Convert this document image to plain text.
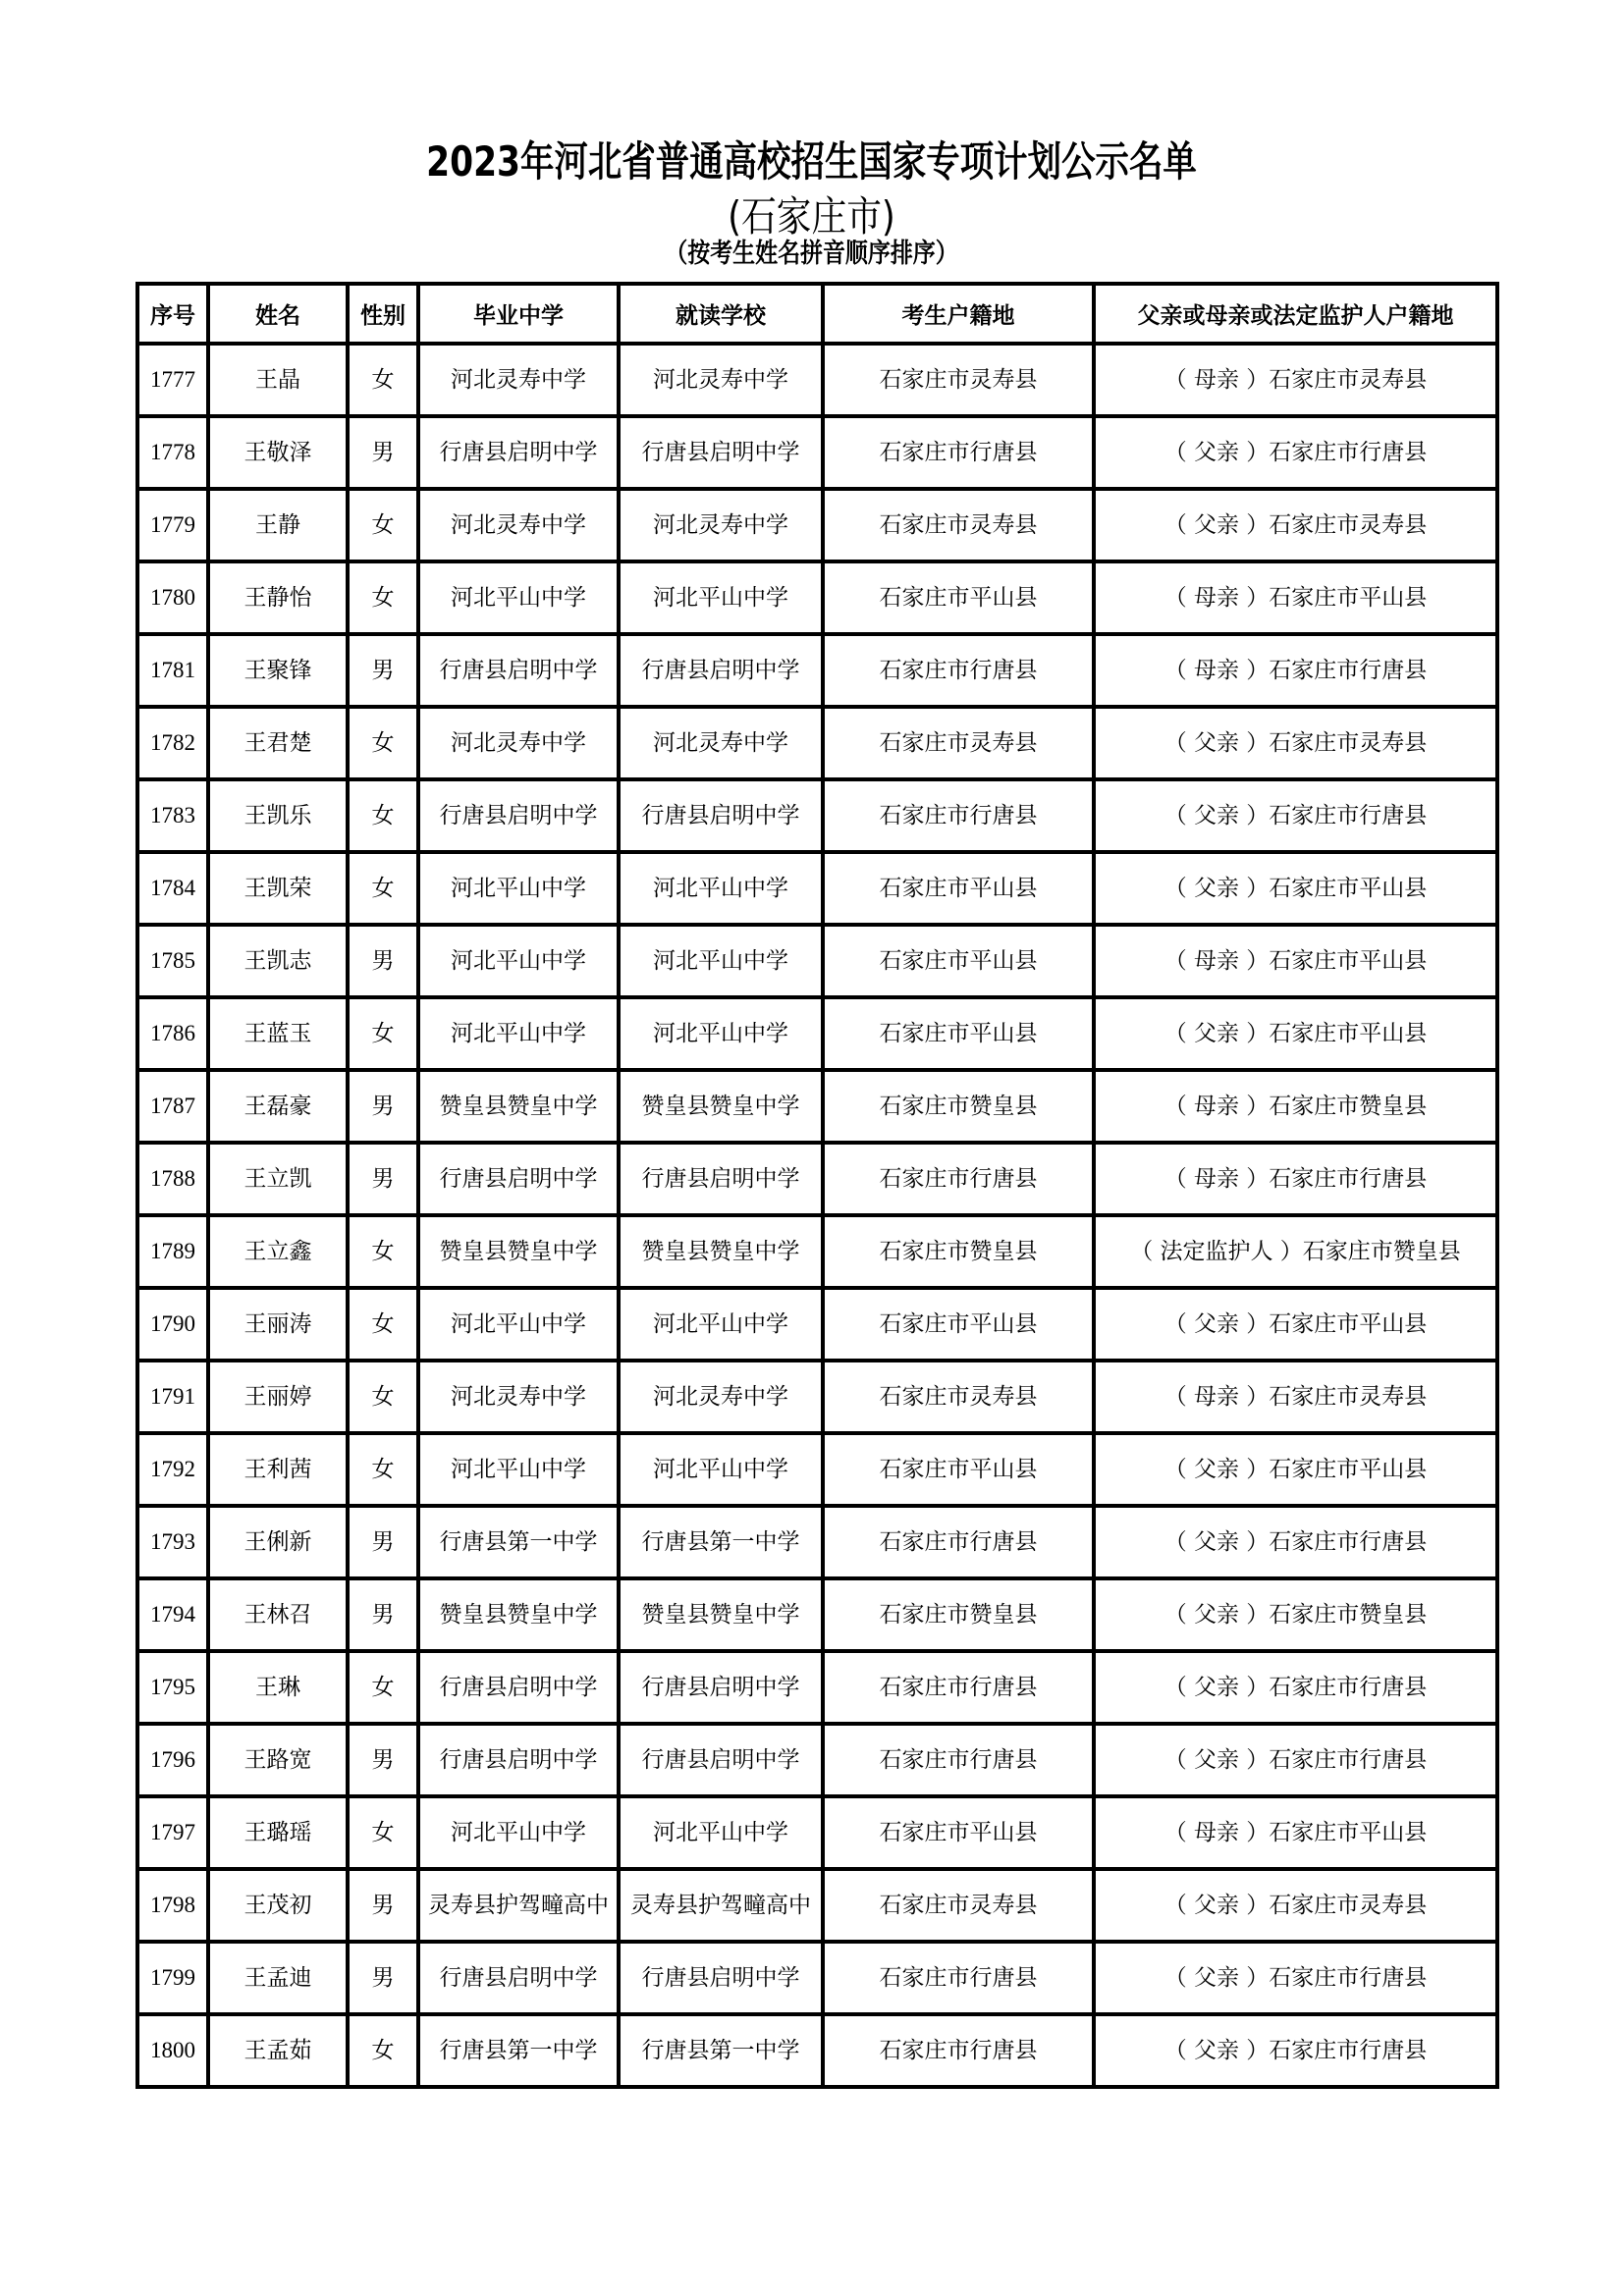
2023年河北省普通高校招生国家专项计划公示名单
(石家庄市)
（按考生姓名拼音顺序排序）
序号	姓名	性别	毕业中学	就读学校	考生户籍地	父亲或母亲或法定监护人户籍地
1777	王晶	女	河北灵寿中学	河北灵寿中学	石家庄市灵寿县	（ 母亲 ）石家庄市灵寿县
1778	王敬泽	男	行唐县启明中学	行唐县启明中学	石家庄市行唐县	（ 父亲 ）石家庄市行唐县
1779	王静	女	河北灵寿中学	河北灵寿中学	石家庄市灵寿县	（ 父亲 ）石家庄市灵寿县
1780	王静怡	女	河北平山中学	河北平山中学	石家庄市平山县	（ 母亲 ）石家庄市平山县
1781	王聚锋	男	行唐县启明中学	行唐县启明中学	石家庄市行唐县	（ 母亲 ）石家庄市行唐县
1782	王君楚	女	河北灵寿中学	河北灵寿中学	石家庄市灵寿县	（ 父亲 ）石家庄市灵寿县
1783	王凯乐	女	行唐县启明中学	行唐县启明中学	石家庄市行唐县	（ 父亲 ）石家庄市行唐县
1784	王凯荣	女	河北平山中学	河北平山中学	石家庄市平山县	（ 父亲 ）石家庄市平山县
1785	王凯志	男	河北平山中学	河北平山中学	石家庄市平山县	（ 母亲 ）石家庄市平山县
1786	王蓝玉	女	河北平山中学	河北平山中学	石家庄市平山县	（ 父亲 ）石家庄市平山县
1787	王磊豪	男	赞皇县赞皇中学	赞皇县赞皇中学	石家庄市赞皇县	（ 母亲 ）石家庄市赞皇县
1788	王立凯	男	行唐县启明中学	行唐县启明中学	石家庄市行唐县	（ 母亲 ）石家庄市行唐县
1789	王立鑫	女	赞皇县赞皇中学	赞皇县赞皇中学	石家庄市赞皇县	（ 法定监护人 ）石家庄市赞皇县
1790	王丽涛	女	河北平山中学	河北平山中学	石家庄市平山县	（ 父亲 ）石家庄市平山县
1791	王丽婷	女	河北灵寿中学	河北灵寿中学	石家庄市灵寿县	（ 母亲 ）石家庄市灵寿县
1792	王利茜	女	河北平山中学	河北平山中学	石家庄市平山县	（ 父亲 ）石家庄市平山县
1793	王俐新	男	行唐县第一中学	行唐县第一中学	石家庄市行唐县	（ 父亲 ）石家庄市行唐县
1794	王林召	男	赞皇县赞皇中学	赞皇县赞皇中学	石家庄市赞皇县	（ 父亲 ）石家庄市赞皇县
1795	王琳	女	行唐县启明中学	行唐县启明中学	石家庄市行唐县	（ 父亲 ）石家庄市行唐县
1796	王路宽	男	行唐县启明中学	行唐县启明中学	石家庄市行唐县	（ 父亲 ）石家庄市行唐县
1797	王璐瑶	女	河北平山中学	河北平山中学	石家庄市平山县	（ 母亲 ）石家庄市平山县
1798	王茂初	男	灵寿县护驾疃高中	灵寿县护驾疃高中	石家庄市灵寿县	（ 父亲 ）石家庄市灵寿县
1799	王孟迪	男	行唐县启明中学	行唐县启明中学	石家庄市行唐县	（ 父亲 ）石家庄市行唐县
1800	王孟茹	女	行唐县第一中学	行唐县第一中学	石家庄市行唐县	（ 父亲 ）石家庄市行唐县
